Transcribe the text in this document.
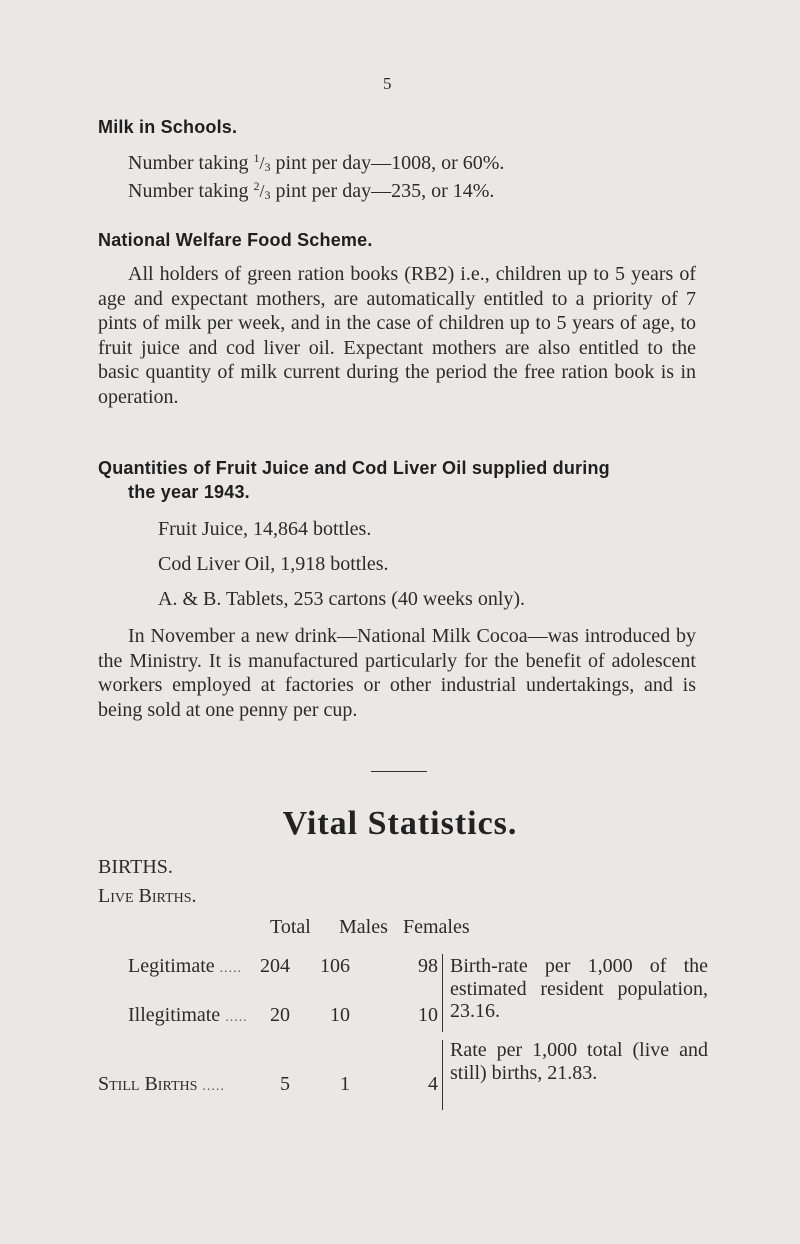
5
Milk in Schools.
Number taking $^1$/3 pint per day—1008, or 60%.
Number taking $^2$/3 pint per day—235, or 14%.
National Welfare Food Scheme.
All holders of green ration books (RB2) i.e., children up to 5 years of age and expectant mothers, are automatically entitled to a priority of 7 pints of milk per week, and in the case of children up to 5 years of age, to fruit juice and cod liver oil. Expectant mothers are also entitled to the basic quantity of milk current during the period the free ration book is in operation.
Quantities of Fruit Juice and Cod Liver Oil supplied during
the year 1943.
Fruit Juice, 14,864 bottles.
Cod Liver Oil, 1,918 bottles.
A. & B. Tablets, 253 cartons (40 weeks only).
In November a new drink—National Milk Cocoa—was introduced by the Ministry. It is manufactured particularly for the benefit of adolescent workers employed at factories or other industrial undertakings, and is being sold at one penny per cup.
Vital Statistics.
BIRTHS.
Live Births.
Total Males Females
Legitimate ..... 204	106	98
Illegitimate .....	20	10	10
Birth-rate per 1,000 of the estimated resident population, 23.16.
Still Births .....	5	1	4
Rate per 1,000 total (live and still) births, 21.83.
